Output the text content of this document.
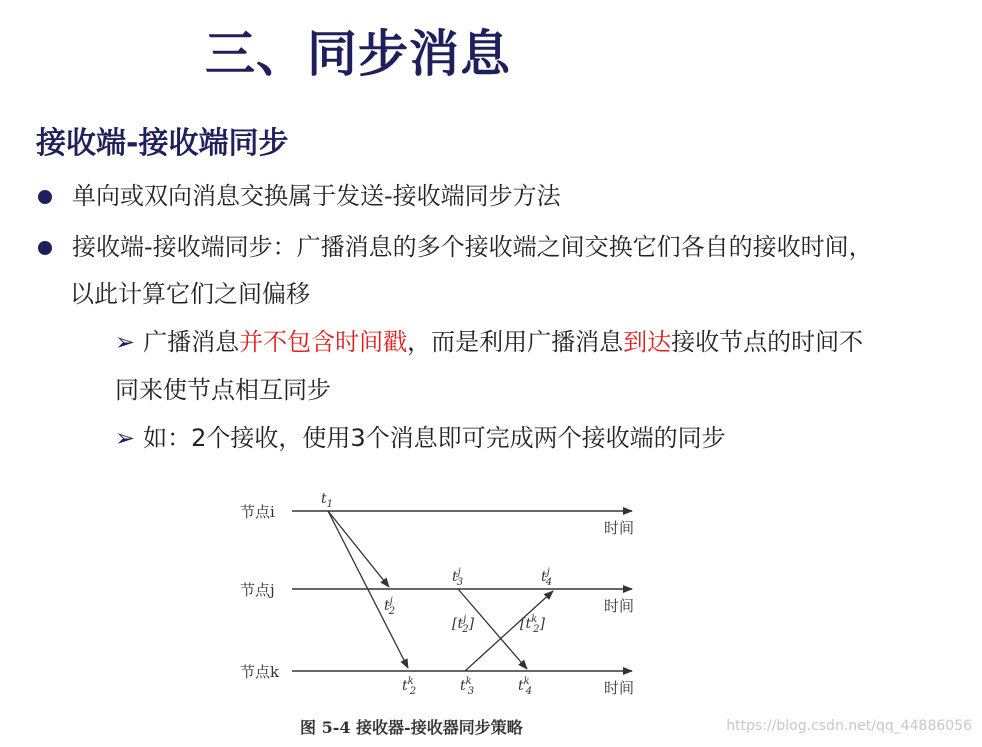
三、同步消息
接收端-接收端同步
单向或双向消息交换属于发送-接收端同步方法
接收端-接收端同步：广播消息的多个接收端之间交换它们各自的接收时间，
以此计算它们之间偏移
➢ 广播消息并不包含时间戳，而是利用广播消息到达接收节点的时间不
同来使节点相互同步
➢ 如：2个接收，使用3个消息即可完成两个接收端的同步
节点i
节点j
节点k
时间
时间
时间
$t_1$
$t^j$ 2
$t^j$ 3	$t^j$ 4
$t^k$ 2	$t^k$ 3	$t^k$ 4
[$t^j$ 2]	[$t^k$ 2]
图 5-4 接收器-接收器同步策略	https://blog.csdn.net/qq_44886056
